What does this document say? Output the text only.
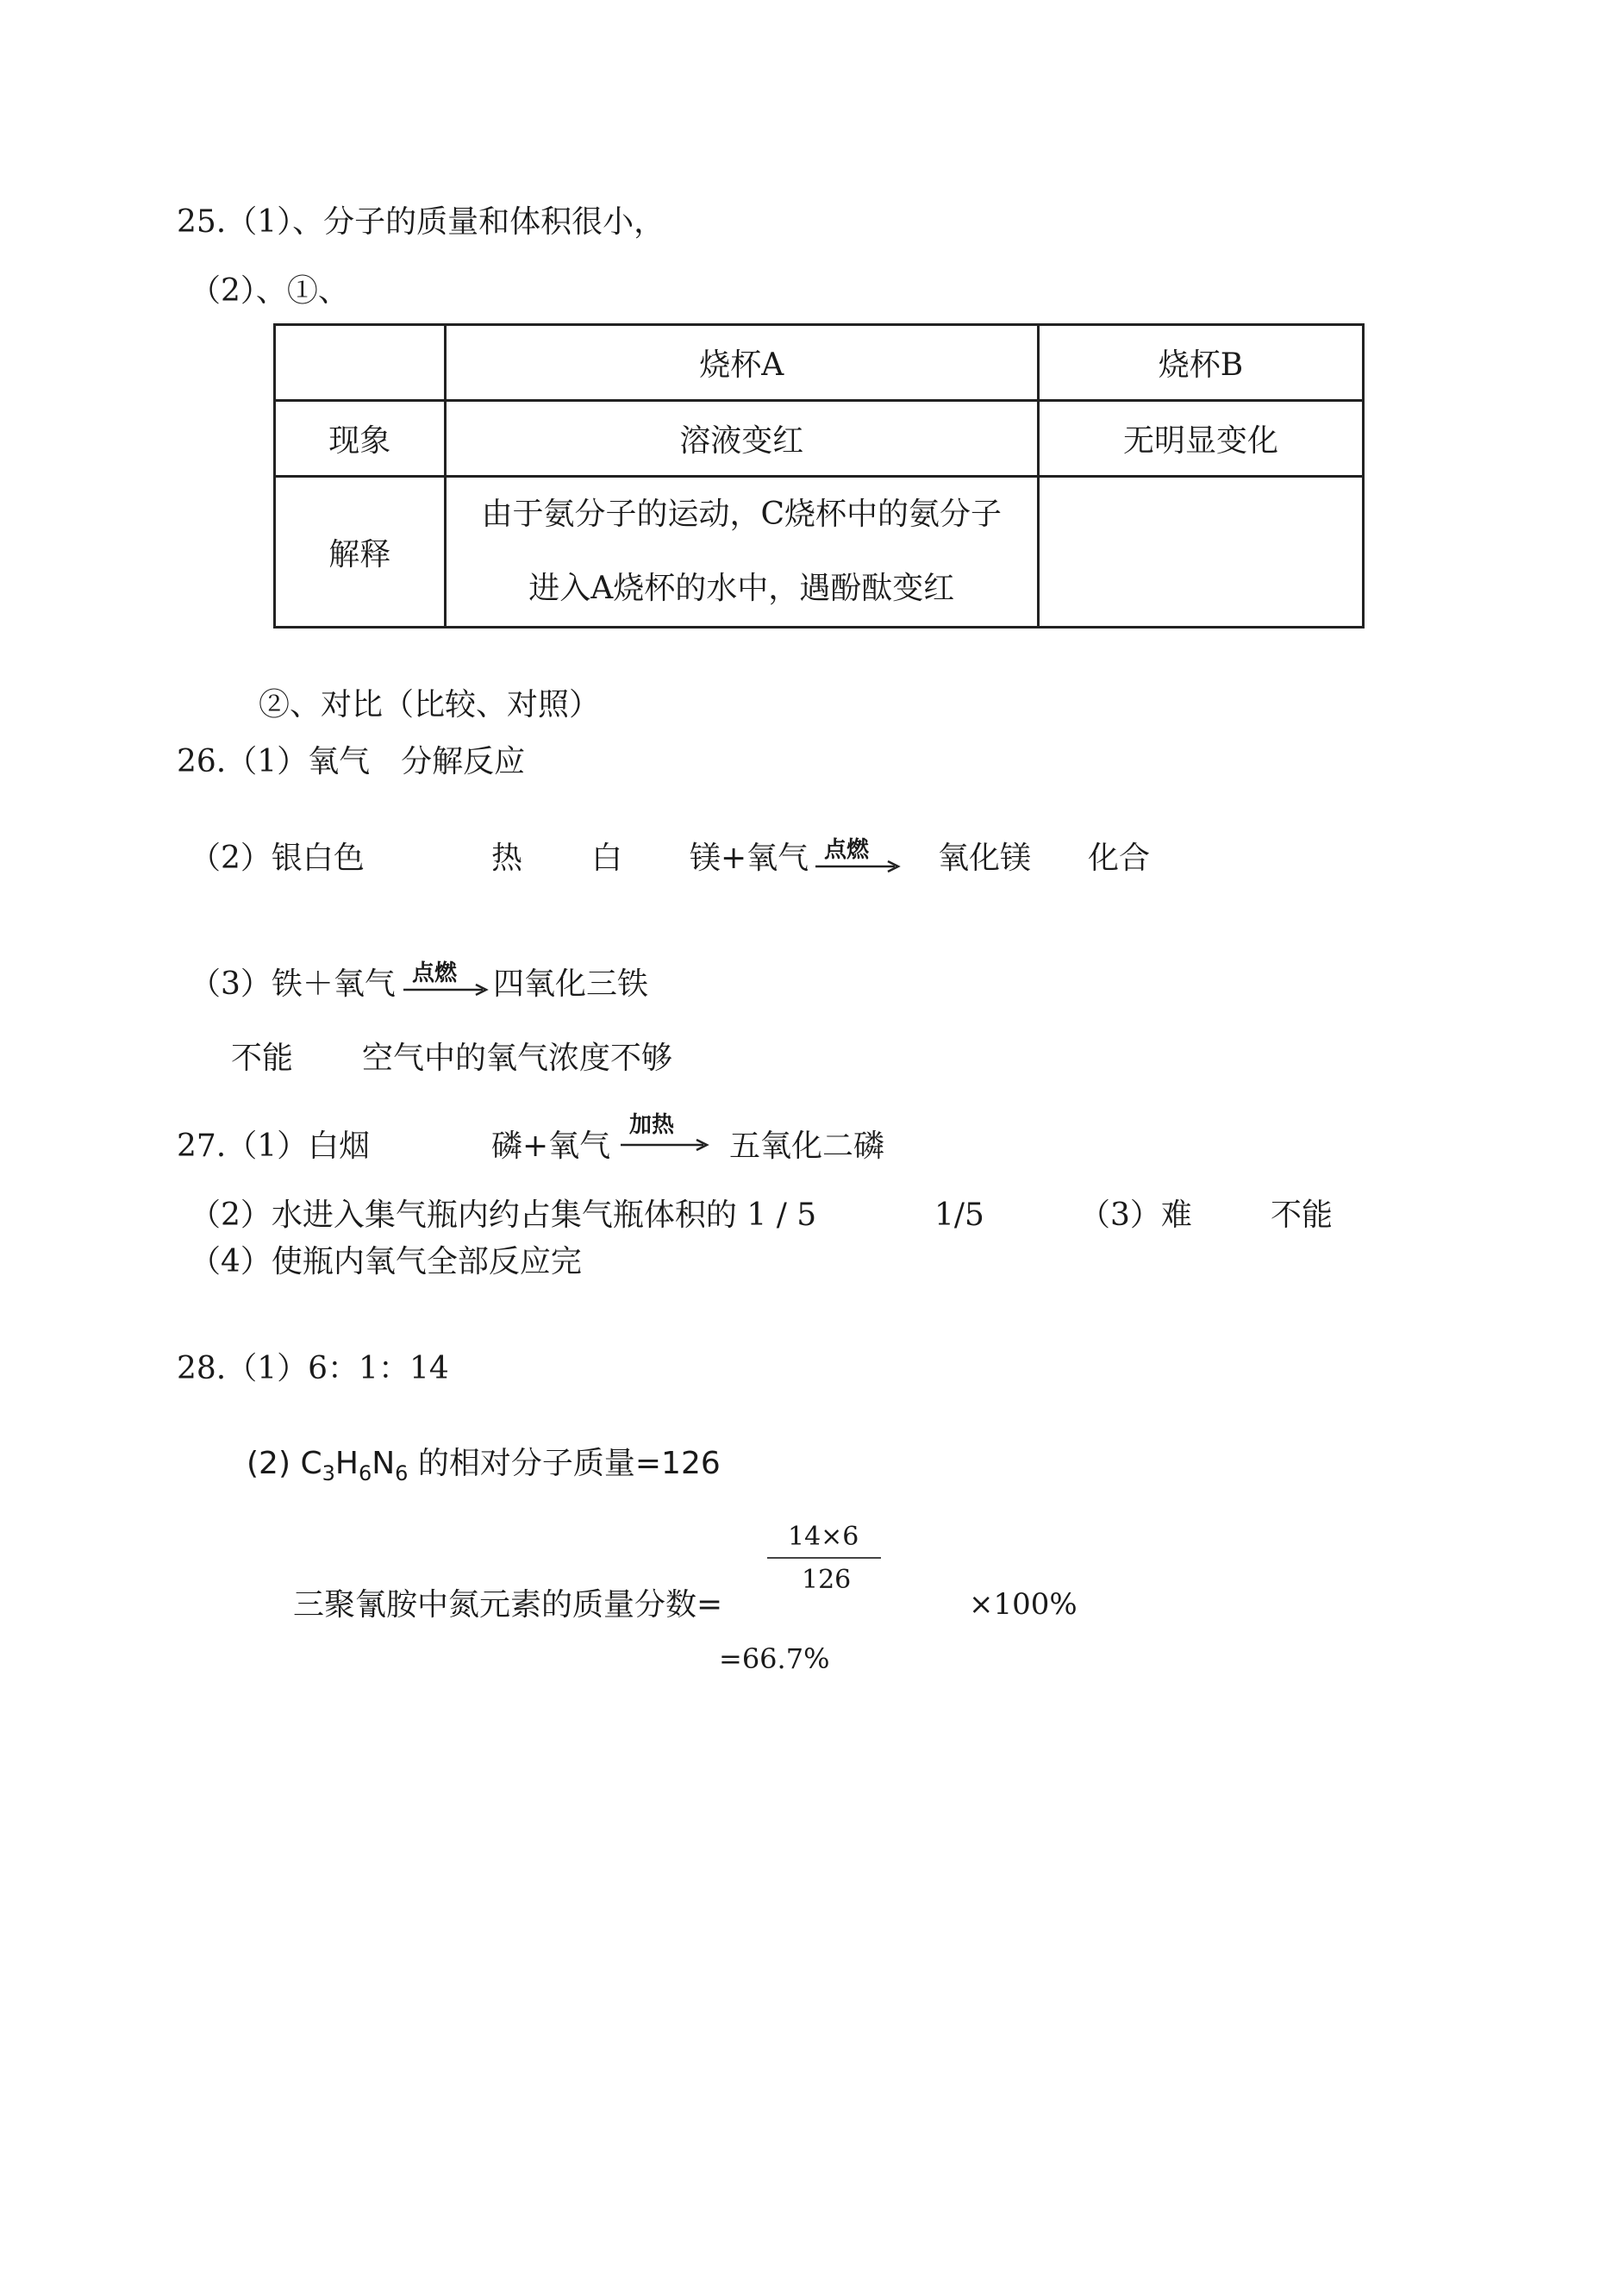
25.（1）、分子的质量和体积很小，
（2）、①、
	烧杯A	烧杯B
现象	溶液变红	无明显变化
解释	由于氨分子的运动，C烧杯中的氨分子
进入A烧杯的水中，遇酚酞变红	

②、对比（比较、对照）
26.（1）氧气　分解反应
（2）银白色	热 白 镁+氧气 点燃 氧化镁 化合
（3）铁＋氧气 点燃 四氧化三铁
不能 空气中的氧气浓度不够
27.（1）白烟	磷+氧气
加热
五氧化二磷
（2）水进入集气瓶内约占集气瓶体积的 1 / 5	1/5	（3）难	不能
（4）使瓶内氧气全部反应完
28.（1）6：1：14
(2) $C_3H_6N_6$ 的相对分子质量=126
14×6
126
三聚氰胺中氮元素的质量分数=	×100%
=66.7%
